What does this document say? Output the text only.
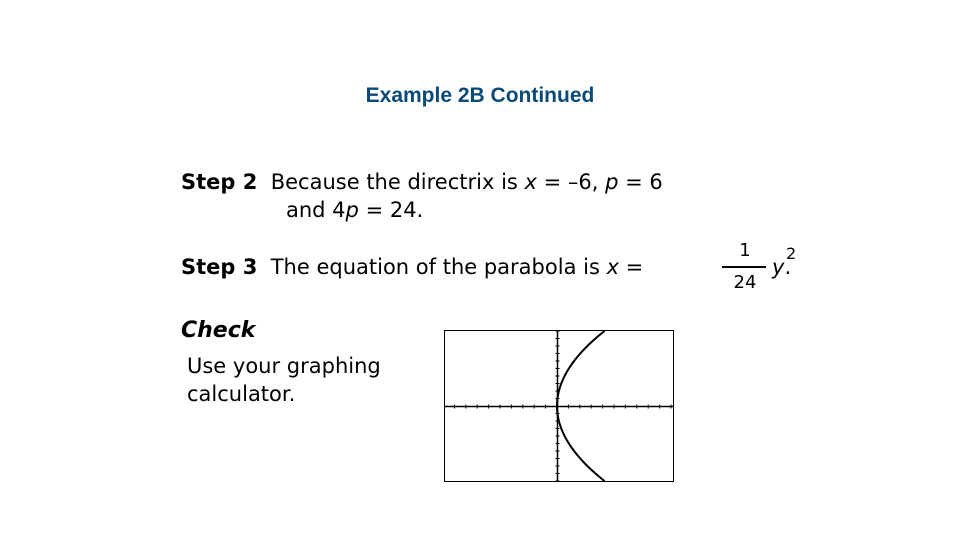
Example 2B Continued
Step 2 Because the directrix is x = –6, p = 6
and 4p = 24.
Step 3 The equation of the parabola is x =
1
24
y.
2
Check
Use your graphing calculator.
